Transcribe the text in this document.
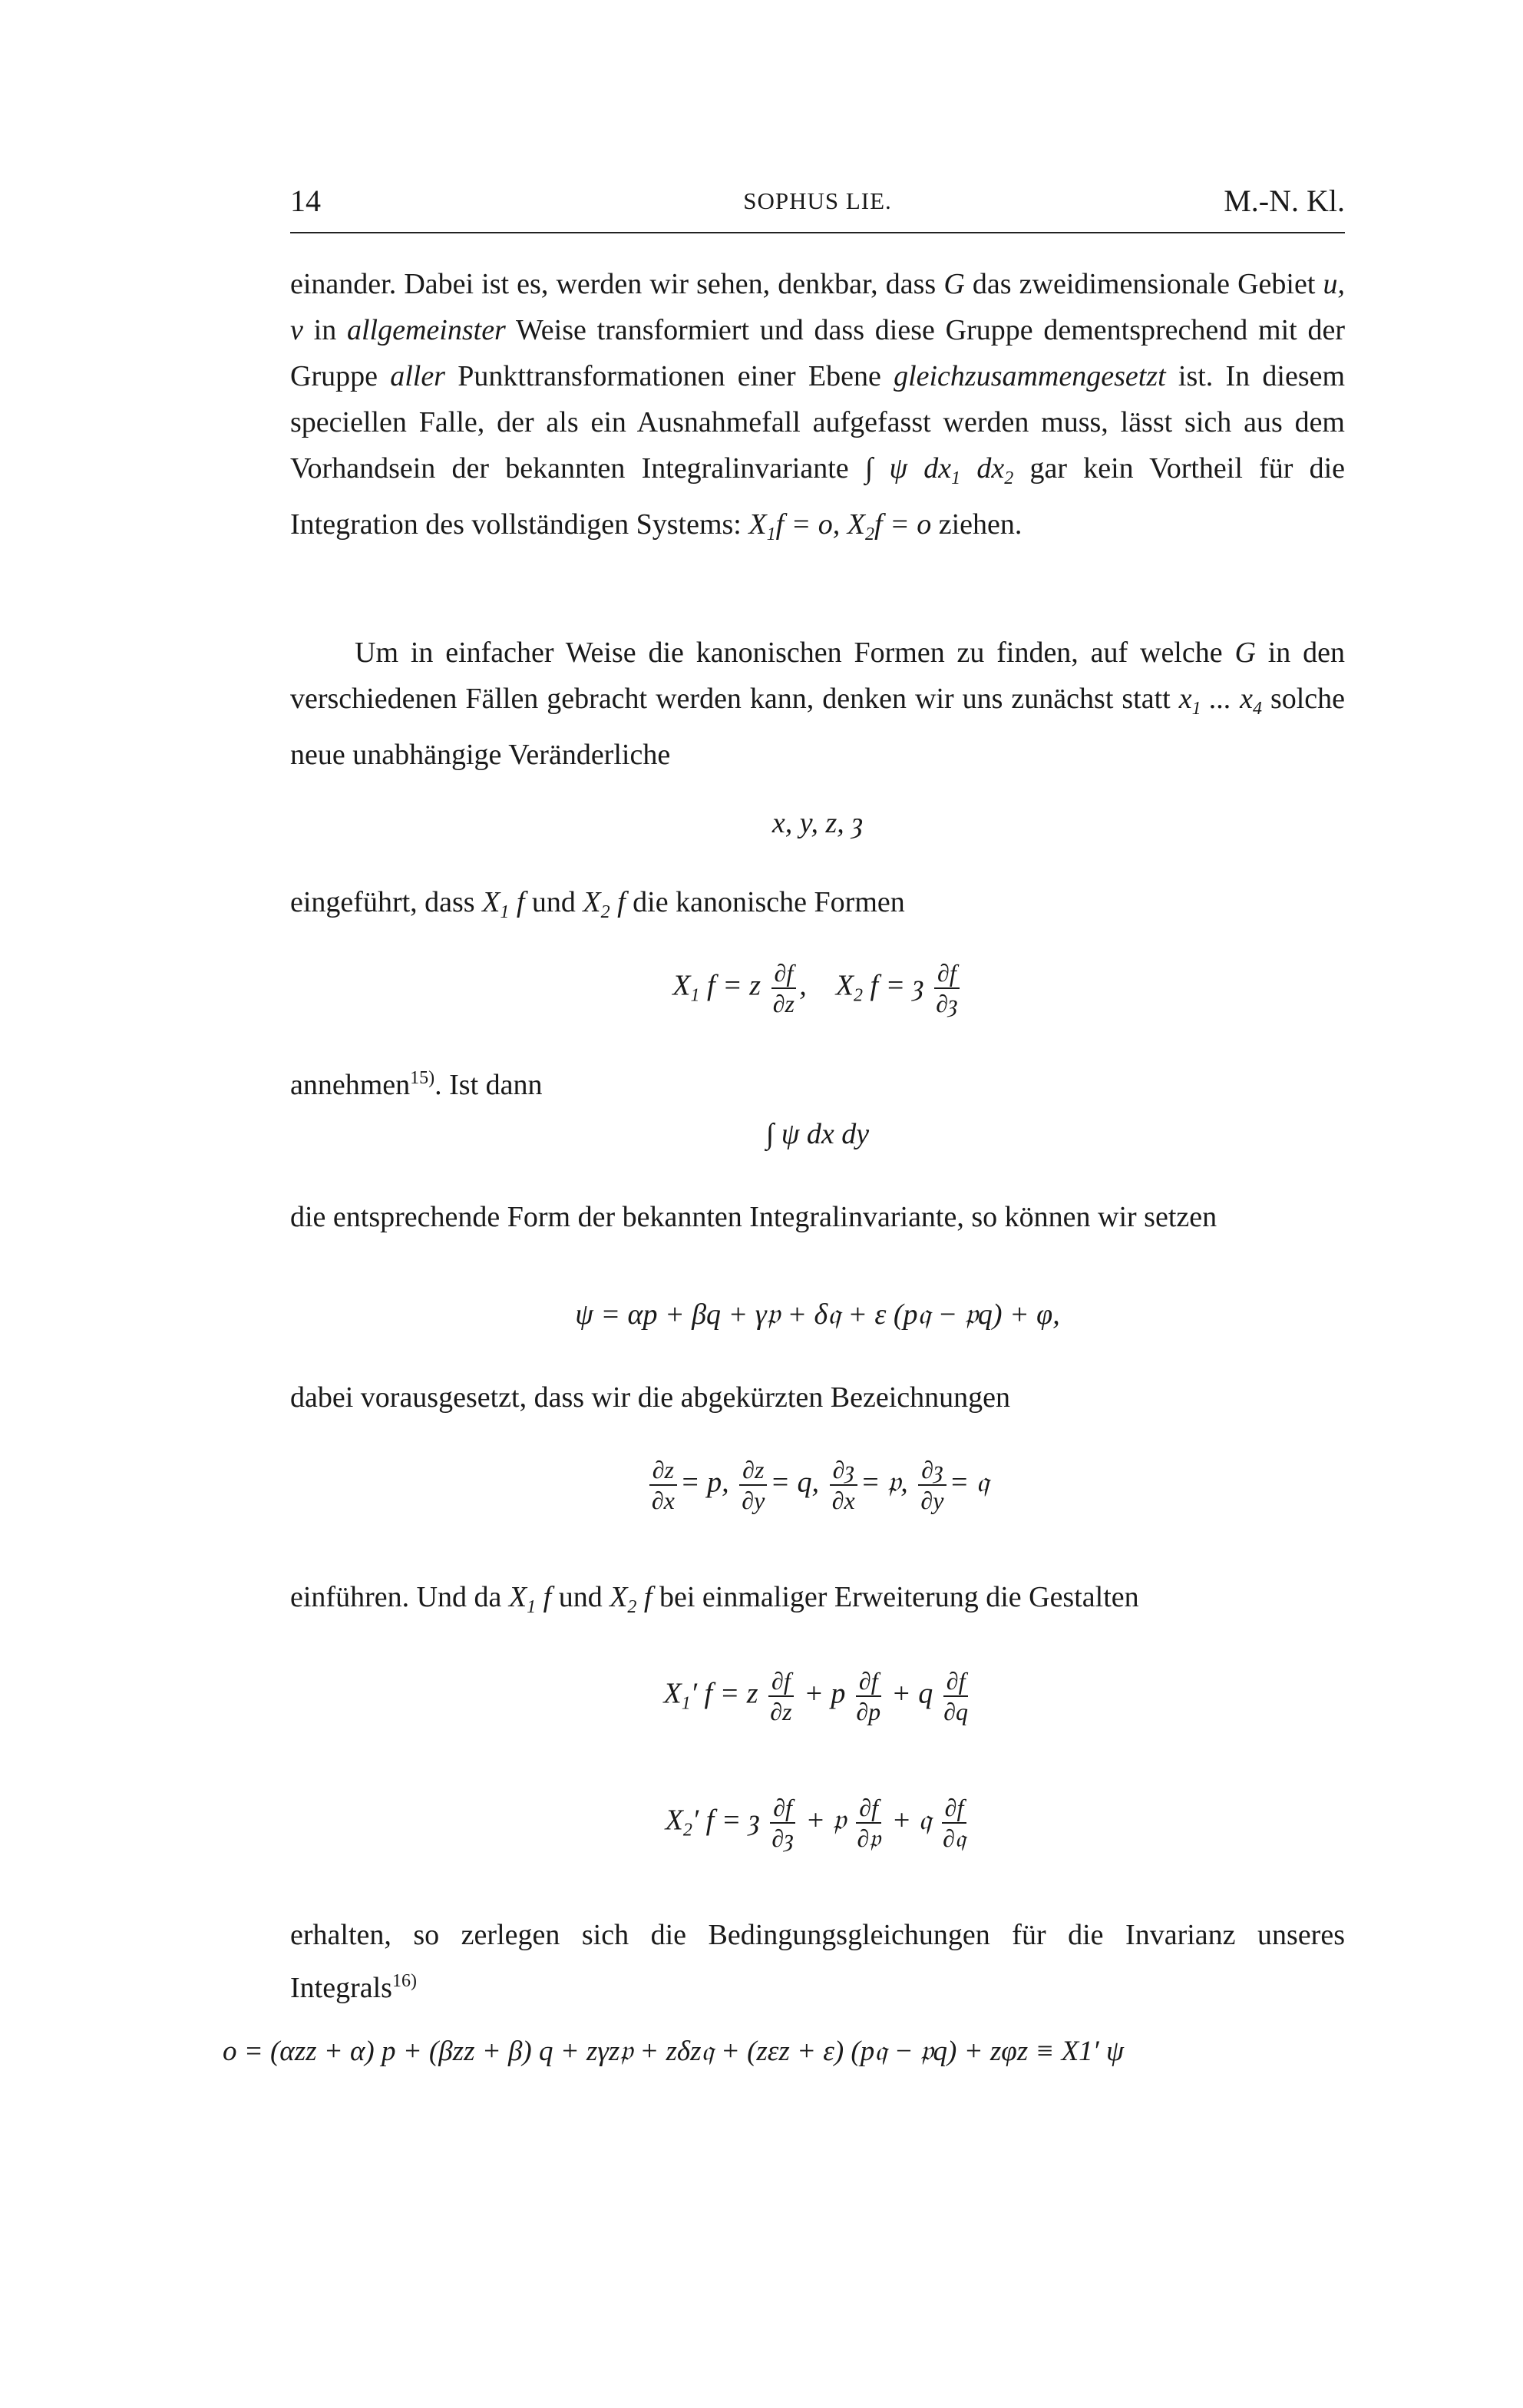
14	SOPHUS LIE.	M.-N. Kl.

einander. Dabei ist es, werden wir sehen, denkbar, dass G das zweidimensionale Gebiet u, v in allgemeinster Weise transformiert und dass diese Gruppe dementsprechend mit der Gruppe aller Punkttransformationen einer Ebene gleichzusammengesetzt ist. In diesem speciellen Falle, der als ein Ausnahmefall aufgefasst werden muss, lässt sich aus dem Vorhandsein der bekannten Integralinvariante ∫ ψ $dx_1$ $dx_2$ gar kein Vortheil für die Integration des vollständigen Systems: $X_1f = o$, $X_2f = o$ ziehen.

Um in einfacher Weise die kanonischen Formen zu finden, auf welche G in den verschiedenen Fällen gebracht werden kann, denken wir uns zunächst statt $x_1$ ... $x_4$ solche neue unabhängige Veränderliche

x, y, z, ȝ

eingeführt, dass $X_1$ f und $X_2$ f die kanonische Formen

$X_1$ f = z $\frac{\partial f}{\partial z}$ , $X_2$ f = ȝ $\frac{\partial f}{\partial ȝ}$

annehmen$^{15)}$. Ist dann

∫ ψ dx dy

die entsprechende Form der bekannten Integralinvariante, so können wir setzen

ψ = αp + βq + γ𝔭 + δ𝔮 + ε (p𝔮 − 𝔭q) + φ,

dabei vorausgesetzt, dass wir die abgekürzten Bezeichnungen

$\frac{\partial z}{\partial x} = p$, $\frac{\partial z}{\partial y} = q$, $\frac{\partial ȝ}{\partial x}$ = 𝔭, $\frac{\partial ȝ}{\partial y}$ = 𝔮

einführen. Und da $X_1$ f und $X_2$ f bei einmaliger Erweiterung die Gestalten

$X_1'$ f = z $\frac{\partial f}{\partial z} + p \frac{\partial f}{\partial p} + q \frac{\partial f}{\partial q}$
$X_2'$ f = ȝ $\frac{\partial f}{\partial ȝ}$ + 𝔭 $\frac{\partial f}{\text{∂𝔭}}$ + 𝔮 $\frac{\partial f}{\text{∂𝔮}}$

erhalten, so zerlegen sich die Bedingungsgleichungen für die Invarianz unseres Integrals$^{16)}$

o = (αzz + α) p + (βzz + β) q + zγz𝔭 + zδz𝔮 + (zεz + ε) (p𝔮 − 𝔭q) + zφz ≡ X1′ ψ
